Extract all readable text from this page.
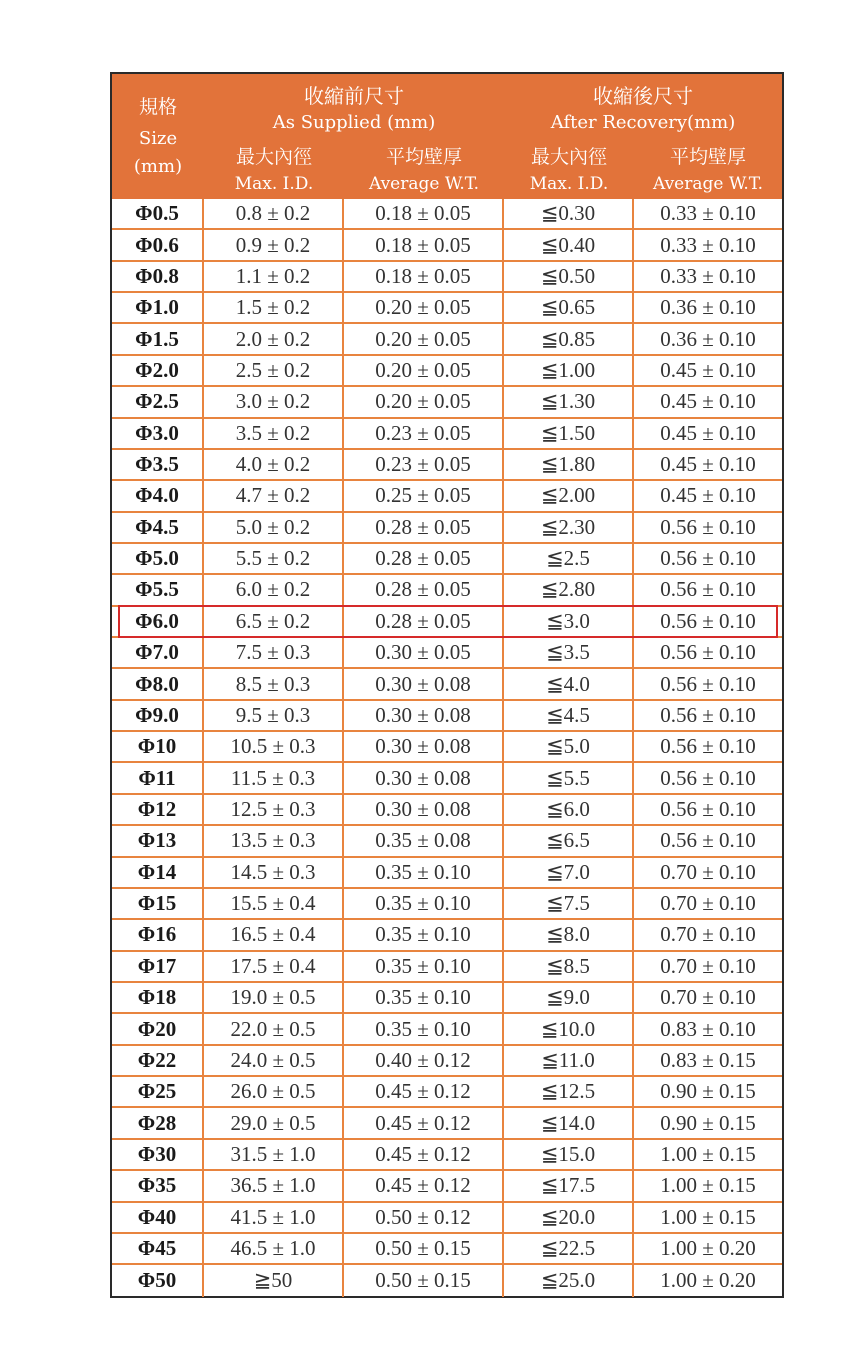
規格
Size
(mm)
收縮前尺寸
As Supplied (mm)
收縮後尺寸
After Recovery(mm)
最大內徑	平均壁厚	最大內徑	平均壁厚
Max. I.D.	Average W.T.	Max. I.D.	Average W.T.
Φ0.5	0.8 ± 0.2	0.18 ± 0.05	≦0.30	0.33 ± 0.10
Φ0.6	0.9 ± 0.2	0.18 ± 0.05	≦0.40	0.33 ± 0.10
Φ0.8	1.1 ± 0.2	0.18 ± 0.05	≦0.50	0.33 ± 0.10
Φ1.0	1.5 ± 0.2	0.20 ± 0.05	≦0.65	0.36 ± 0.10
Φ1.5	2.0 ± 0.2	0.20 ± 0.05	≦0.85	0.36 ± 0.10
Φ2.0	2.5 ± 0.2	0.20 ± 0.05	≦1.00	0.45 ± 0.10
Φ2.5	3.0 ± 0.2	0.20 ± 0.05	≦1.30	0.45 ± 0.10
Φ3.0	3.5 ± 0.2	0.23 ± 0.05	≦1.50	0.45 ± 0.10
Φ3.5	4.0 ± 0.2	0.23 ± 0.05	≦1.80	0.45 ± 0.10
Φ4.0	4.7 ± 0.2	0.25 ± 0.05	≦2.00	0.45 ± 0.10
Φ4.5	5.0 ± 0.2	0.28 ± 0.05	≦2.30	0.56 ± 0.10
Φ5.0	5.5 ± 0.2	0.28 ± 0.05	≦2.5	0.56 ± 0.10
Φ5.5	6.0 ± 0.2	0.28 ± 0.05	≦2.80	0.56 ± 0.10
Φ6.0	6.5 ± 0.2	0.28 ± 0.05	≦3.0	0.56 ± 0.10
Φ7.0	7.5 ± 0.3	0.30 ± 0.05	≦3.5	0.56 ± 0.10
Φ8.0	8.5 ± 0.3	0.30 ± 0.08	≦4.0	0.56 ± 0.10
Φ9.0	9.5 ± 0.3	0.30 ± 0.08	≦4.5	0.56 ± 0.10
Φ10	10.5 ± 0.3	0.30 ± 0.08	≦5.0	0.56 ± 0.10
Φ11	11.5 ± 0.3	0.30 ± 0.08	≦5.5	0.56 ± 0.10
Φ12	12.5 ± 0.3	0.30 ± 0.08	≦6.0	0.56 ± 0.10
Φ13	13.5 ± 0.3	0.35 ± 0.08	≦6.5	0.56 ± 0.10
Φ14	14.5 ± 0.3	0.35 ± 0.10	≦7.0	0.70 ± 0.10
Φ15	15.5 ± 0.4	0.35 ± 0.10	≦7.5	0.70 ± 0.10
Φ16	16.5 ± 0.4	0.35 ± 0.10	≦8.0	0.70 ± 0.10
Φ17	17.5 ± 0.4	0.35 ± 0.10	≦8.5	0.70 ± 0.10
Φ18	19.0 ± 0.5	0.35 ± 0.10	≦9.0	0.70 ± 0.10
Φ20	22.0 ± 0.5	0.35 ± 0.10	≦10.0	0.83 ± 0.10
Φ22	24.0 ± 0.5	0.40 ± 0.12	≦11.0	0.83 ± 0.15
Φ25	26.0 ± 0.5	0.45 ± 0.12	≦12.5	0.90 ± 0.15
Φ28	29.0 ± 0.5	0.45 ± 0.12	≦14.0	0.90 ± 0.15
Φ30	31.5 ± 1.0	0.45 ± 0.12	≦15.0	1.00 ± 0.15
Φ35	36.5 ± 1.0	0.45 ± 0.12	≦17.5	1.00 ± 0.15
Φ40	41.5 ± 1.0	0.50 ± 0.12	≦20.0	1.00 ± 0.15
Φ45	46.5 ± 1.0	0.50 ± 0.15	≦22.5	1.00 ± 0.20
Φ50	≧50	0.50 ± 0.15	≦25.0	1.00 ± 0.20
